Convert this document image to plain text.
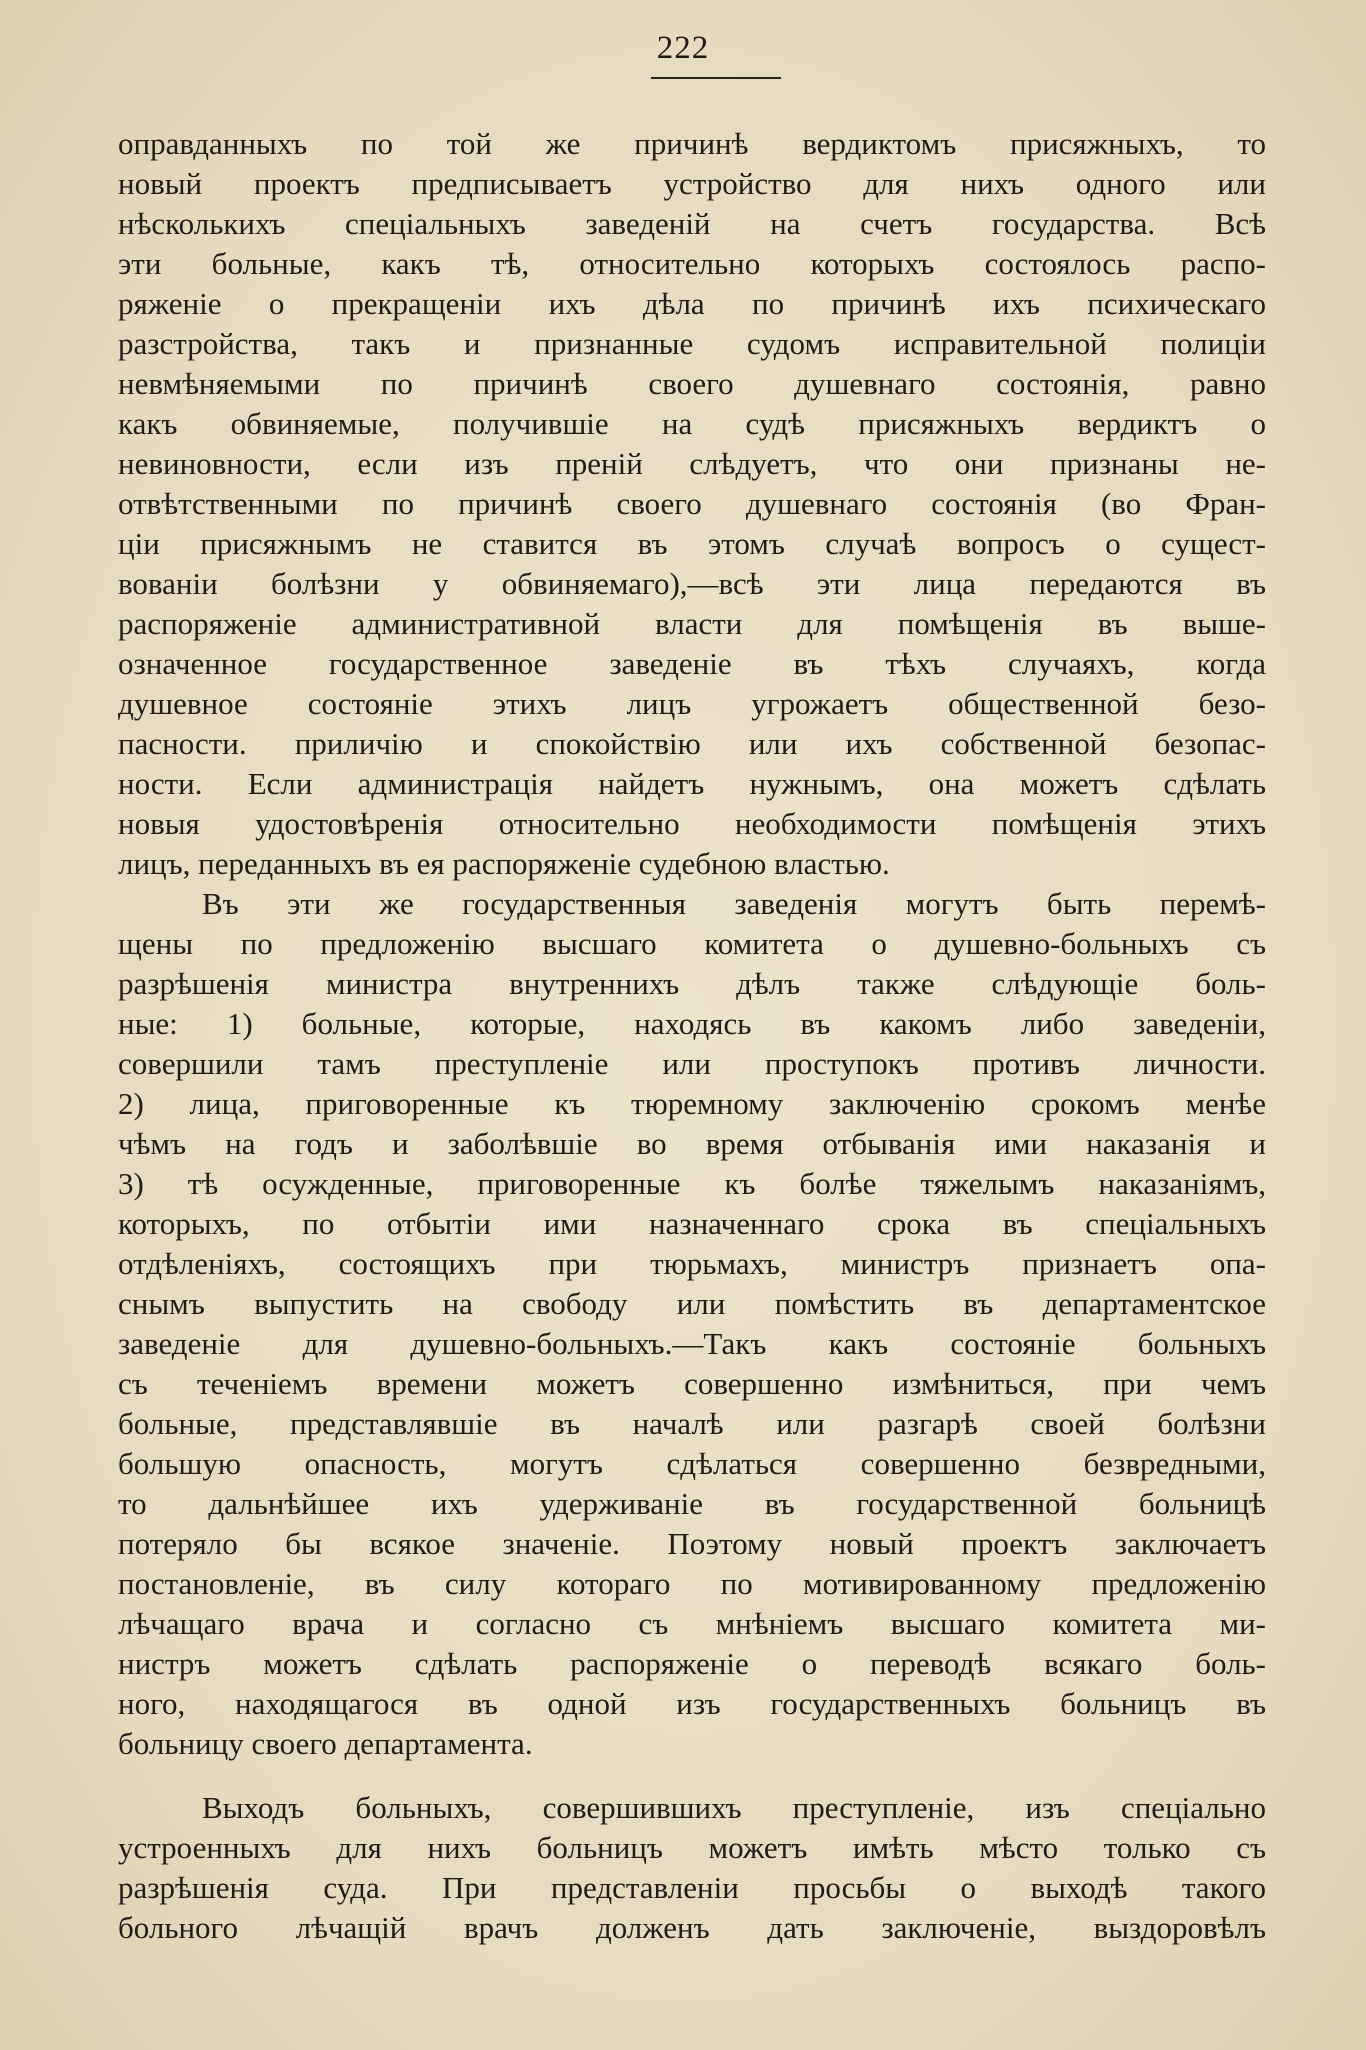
222
оправданныхъ по той же причинѣ вердиктомъ присяжныхъ, то
новый проектъ предписываетъ устройство для нихъ одного или
нѣсколькихъ спеціальныхъ заведеній на счетъ государства. Всѣ
эти больные, какъ тѣ, относительно которыхъ состоялось распо-
ряженіе о прекращеніи ихъ дѣла по причинѣ ихъ психическаго
разстройства, такъ и признанные судомъ исправительной полиціи
невмѣняемыми по причинѣ своего душевнаго состоянія, равно
какъ обвиняемые, получившіе на судѣ присяжныхъ вердиктъ о
невиновности, если изъ преній слѣдуетъ, что они признаны не-
отвѣтственными по причинѣ своего душевнаго состоянія (во Фран-
ціи присяжнымъ не ставится въ этомъ случаѣ вопросъ о сущест-
вованіи болѣзни у обвиняемаго),—всѣ эти лица передаются въ
распоряженіе административной власти для помѣщенія въ выше-
означенное государственное заведеніе въ тѣхъ случаяхъ, когда
душевное состояніе этихъ лицъ угрожаетъ общественной безо-
пасности. приличію и спокойствію или ихъ собственной безопас-
ности. Если администрація найдетъ нужнымъ, она можетъ сдѣлать
новыя удостовѣренія относительно необходимости помѣщенія этихъ
лицъ, переданныхъ въ ея распоряженіе судебною властью.
Въ эти же государственныя заведенія могутъ быть перемѣ-
щены по предложенію высшаго комитета о душевно-больныхъ съ
разрѣшенія министра внутреннихъ дѣлъ также слѣдующіе боль-
ные: 1) больные, которые, находясь въ какомъ либо заведеніи,
совершили тамъ преступленіе или проступокъ противъ личности.
2) лица, приговоренные къ тюремному заключенію срокомъ менѣе
чѣмъ на годъ и заболѣвшіе во время отбыванія ими наказанія и
3) тѣ осужденные, приговоренные къ болѣе тяжелымъ наказаніямъ,
которыхъ, по отбытіи ими назначеннаго срока въ спеціальныхъ
отдѣленіяхъ, состоящихъ при тюрьмахъ, министръ признаетъ опа-
снымъ выпустить на свободу или помѣстить въ департаментское
заведеніе для душевно-больныхъ.—Такъ какъ состояніе больныхъ
съ теченіемъ времени можетъ совершенно измѣниться, при чемъ
больные, представлявшіе въ началѣ или разгарѣ своей болѣзни
большую опасность, могутъ сдѣлаться совершенно безвредными,
то дальнѣйшее ихъ удерживаніе въ государственной больницѣ
потеряло бы всякое значеніе. Поэтому новый проектъ заключаетъ
постановленіе, въ силу котораго по мотивированному предложенію
лѣчащаго врача и согласно съ мнѣніемъ высшаго комитета ми-
нистръ можетъ сдѣлать распоряженіе о переводѣ всякаго боль-
ного, находящагося въ одной изъ государственныхъ больницъ въ
больницу своего департамента.
Выходъ больныхъ, совершившихъ преступленіе, изъ спеціально
устроенныхъ для нихъ больницъ можетъ имѣть мѣсто только съ
разрѣшенія суда. При представленіи просьбы о выходѣ такого
больного лѣчащій врачъ долженъ дать заключеніе, выздоровѣлъ
